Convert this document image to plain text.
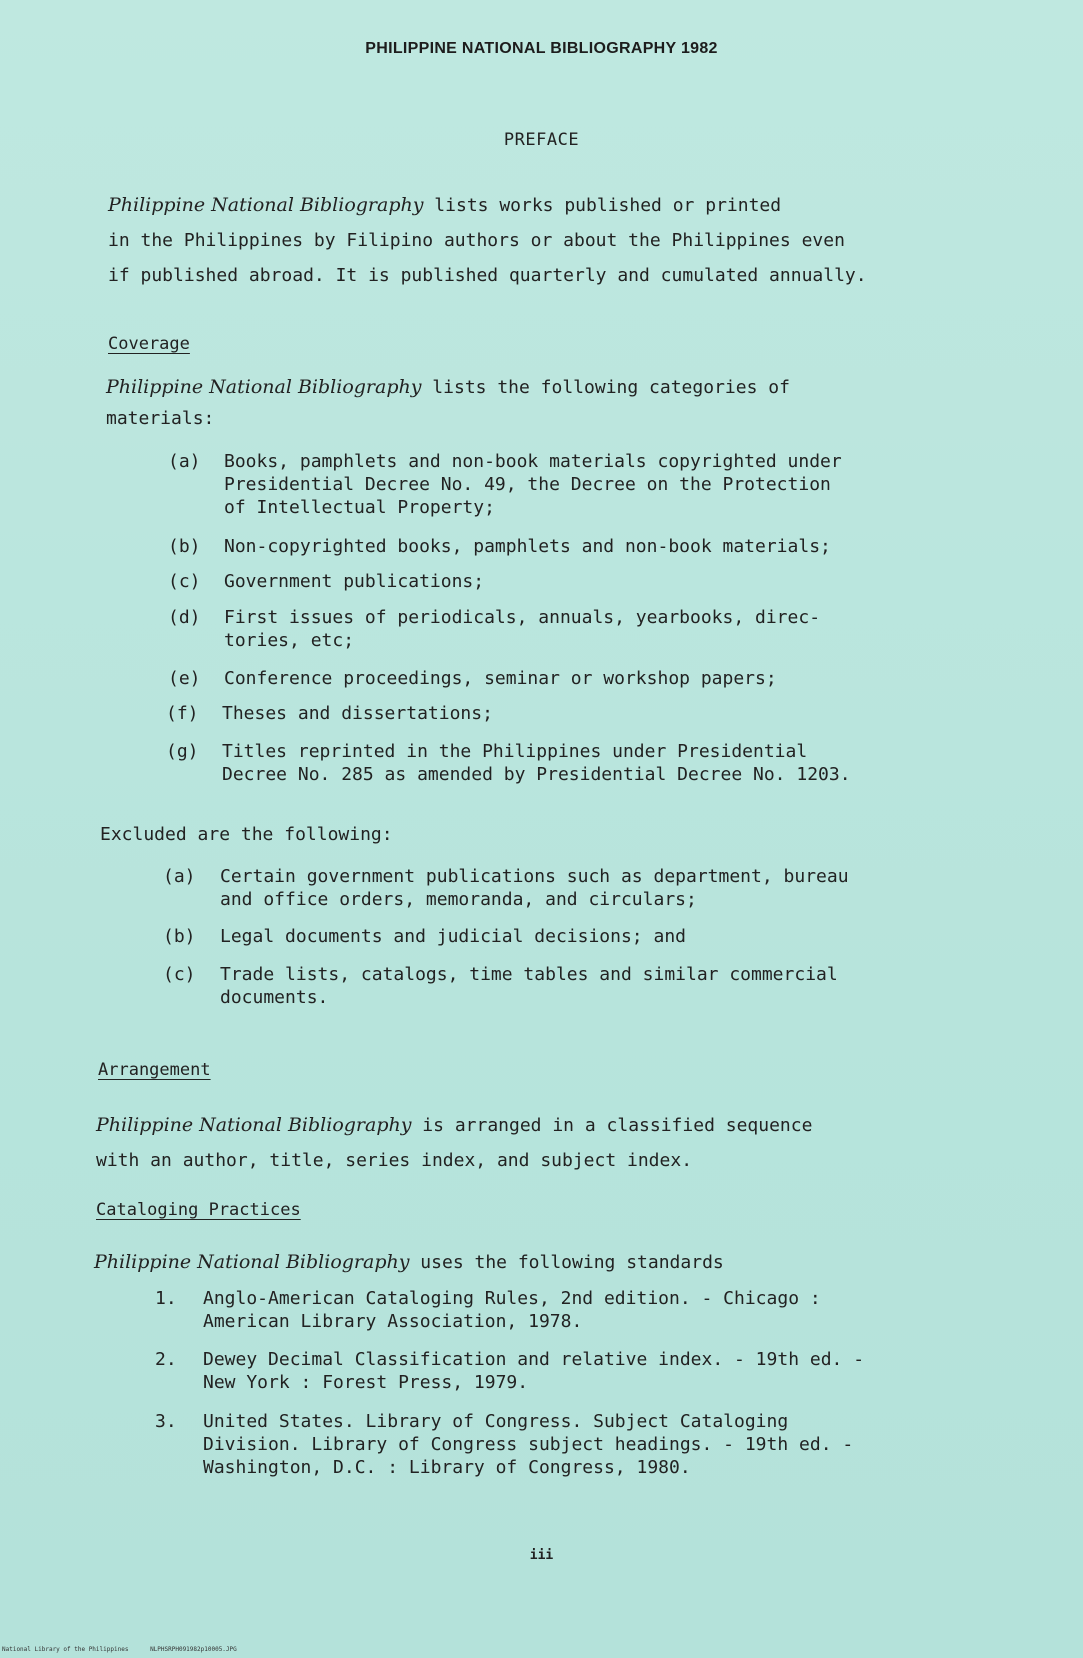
PHILIPPINE NATIONAL BIBLIOGRAPHY 1982
PREFACE
Philippine National Bibliography lists works published or printed
in the Philippines by Filipino authors or about the Philippines even
if published abroad. It is published quarterly and cumulated annually.
Coverage
Philippine National Bibliography lists the following categories of
materials:
(a) Books, pamphlets and non-book materials copyrighted under
Presidential Decree No. 49, the Decree on the Protection
of Intellectual Property;
(b) Non-copyrighted books, pamphlets and non-book materials;
(c) Government publications;
(d) First issues of periodicals, annuals, yearbooks, direc-
tories, etc;
(e) Conference proceedings, seminar or workshop papers;
(f) Theses and dissertations;
(g) Titles reprinted in the Philippines under Presidential
Decree No. 285 as amended by Presidential Decree No. 1203.
Excluded are the following:
(a) Certain government publications such as department, bureau
and office orders, memoranda, and circulars;
(b) Legal documents and judicial decisions; and
(c) Trade lists, catalogs, time tables and similar commercial
documents.
Arrangement
Philippine National Bibliography is arranged in a classified sequence
with an author, title, series index, and subject index.
Cataloging Practices
Philippine National Bibliography uses the following standards
1. Anglo-American Cataloging Rules, 2nd edition. - Chicago :
American Library Association, 1978.
2. Dewey Decimal Classification and relative index. - 19th ed. -
New York : Forest Press, 1979.
3. United States. Library of Congress. Subject Cataloging
Division. Library of Congress subject headings. - 19th ed. -
Washington, D.C. : Library of Congress, 1980.
iii
National Library of the Philippines	NLPHSRPH091982p10005.JPG
